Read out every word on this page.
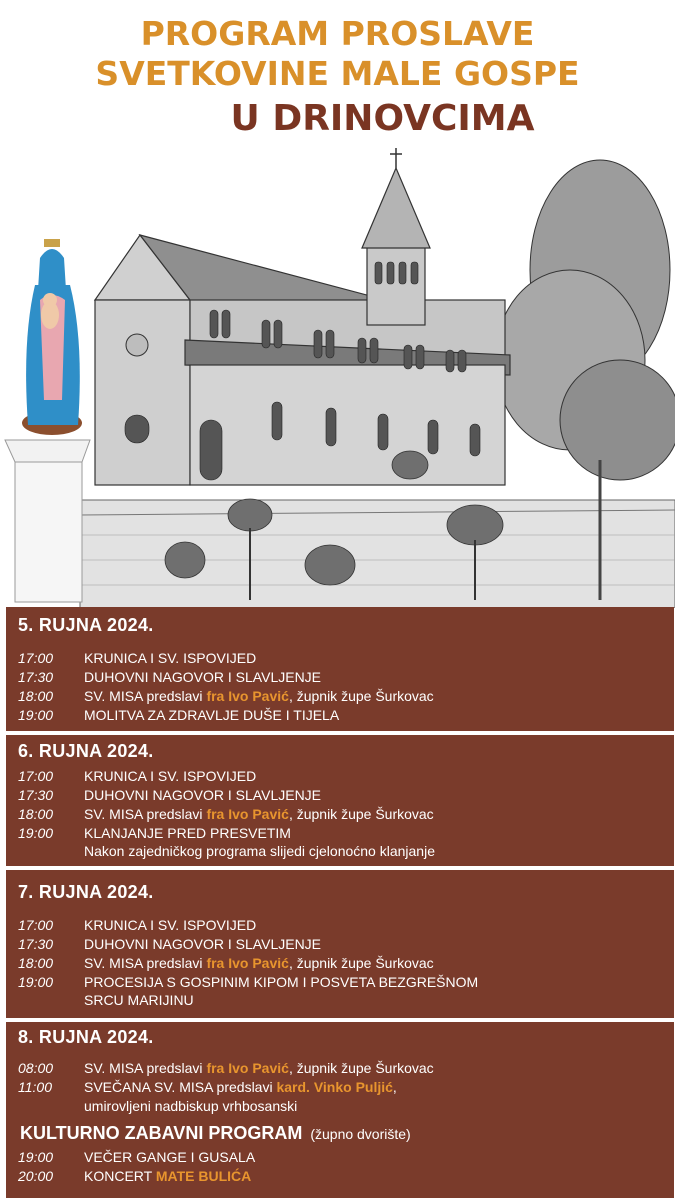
PROGRAM PROSLAVE
SVETKOVINE MALE GOSPE
U DRINOVCIMA
5. RUJNA 2024.
17:00 KRUNICA I SV. ISPOVIJED
17:30 DUHOVNI NAGOVOR I SLAVLJENJE
18:00 SV. MISA predslavi fra Ivo Pavić, župnik župe Šurkovac
19:00 MOLITVA ZA ZDRAVLJE DUŠE I TIJELA
6. RUJNA 2024.
17:00 KRUNICA I SV. ISPOVIJED
17:30 DUHOVNI NAGOVOR I SLAVLJENJE
18:00 SV. MISA predslavi fra Ivo Pavić, župnik župe Šurkovac
19:00 KLANJANJE PRED PRESVETIM
Nakon zajedničkog programa slijedi cjelonoćno klanjanje
7. RUJNA 2024.
17:00 KRUNICA I SV. ISPOVIJED
17:30 DUHOVNI NAGOVOR I SLAVLJENJE
18:00 SV. MISA predslavi fra Ivo Pavić, župnik župe Šurkovac
19:00 PROCESIJA S GOSPINIM KIPOM I POSVETA BEZGREŠNOM
SRCU MARIJINU
8. RUJNA 2024.
08:00 SV. MISA predslavi fra Ivo Pavić, župnik župe Šurkovac
11:00 SVEČANA SV. MISA predslavi kard. Vinko Puljić,
umirovljeni nadbiskup vrhbosanski
KULTURNO ZABAVNI PROGRAM (župno dvorište)
19:00 VEČER GANGE I GUSALA
20:00 KONCERT MATE BULIĆA
